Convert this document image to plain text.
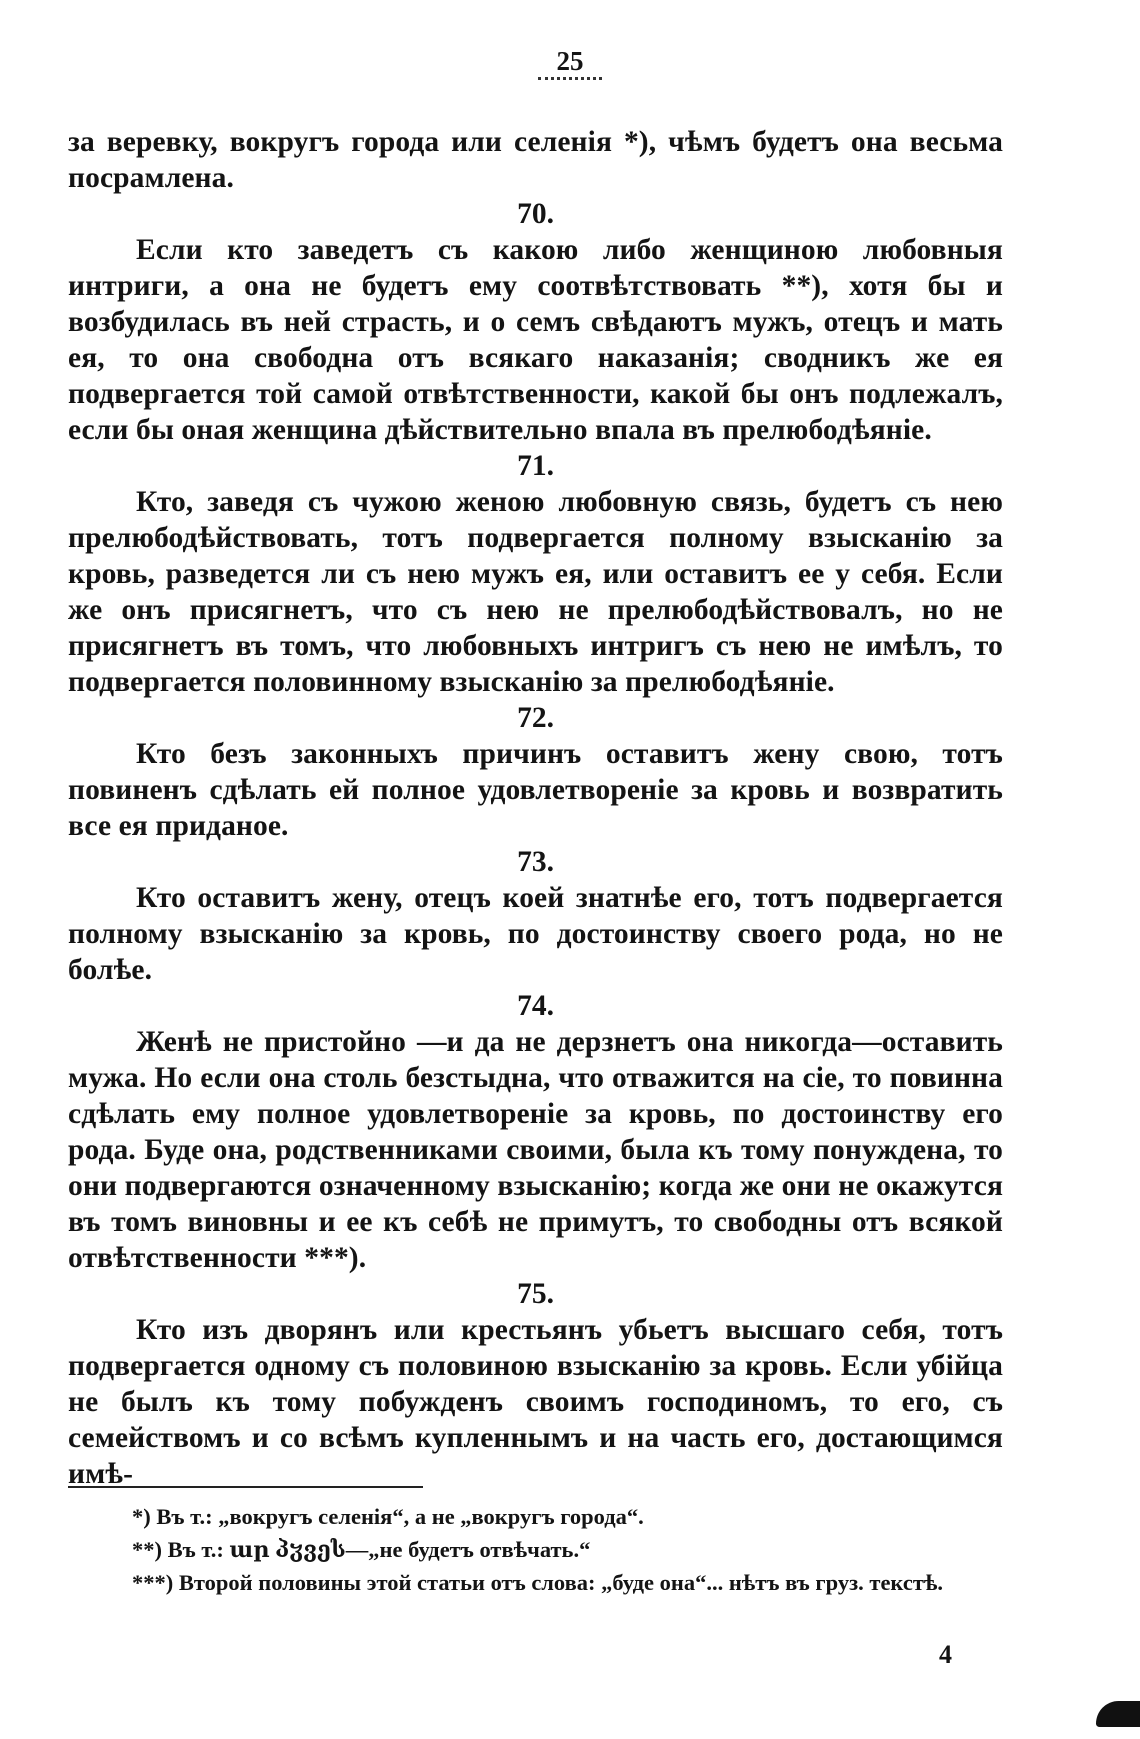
25

за веревку, вокругъ города или селенія *), чѣмъ будетъ она весьма посрамлена.

70.

Если кто заведетъ съ какою либо женщиною любовныя интриги, а она не будетъ ему соотвѣтствовать **), хотя бы и возбудилась въ ней страсть, и о семъ свѣдаютъ мужъ, отецъ и мать ея, то она свободна отъ всякаго наказанія; сводникъ же ея подвергается той самой отвѣтственности, какой бы онъ подлежалъ, если бы оная женщина дѣйствительно впала въ прелюбодѣяніе.

71.

Кто, заведя съ чужою женою любовную связь, будетъ съ нею прелюбодѣйствовать, тотъ подвергается полному взысканію за кровь, разведется ли съ нею мужъ ея, или оставитъ ее у себя. Если же онъ присягнетъ, что съ нею не прелюбодѣйствовалъ, но не присягнетъ въ томъ, что любовныхъ интригъ съ нею не имѣлъ, то подвергается половинному взысканію за прелюбодѣяніе.

72.

Кто безъ законныхъ причинъ оставитъ жену свою, тотъ повиненъ сдѣлать ей полное удовлетвореніе за кровь и возвратить все ея приданое.

73.

Кто оставитъ жену, отецъ коей знатнѣе его, тотъ подвергается полному взысканію за кровь, по достоинству своего рода, но не болѣе.

74.

Женѣ не пристойно —и да не дерзнетъ она никогда—оставить мужа. Но если она столь безстыдна, что отважится на сіе, то повинна сдѣлать ему полное удовлетвореніе за кровь, по достоинству его рода. Буде она, родственниками своими, была къ тому понуждена, то они подвергаются означенному взысканію; когда же они не окажутся въ томъ виновны и ее къ себѣ не примутъ, то свободны отъ всякой отвѣтственности ***).

75.

Кто изъ дворянъ или крестьянъ убьетъ высшаго себя, тотъ подвергается одному съ половиною взысканію за кровь. Если убійца не былъ къ тому побужденъ своимъ господиномъ, то его, съ семействомъ и со всѣмъ купленнымъ и на часть его, достающимся имѣ-

*) Въ т.: „вокругъ селенія“, а не „вокругъ города“.

**) Въ т.: ար პჳვეს—„не будетъ отвѣчать.“

***) Второй половины этой статьи отъ слова: „буде она“... нѣтъ въ груз. текстѣ.

4
